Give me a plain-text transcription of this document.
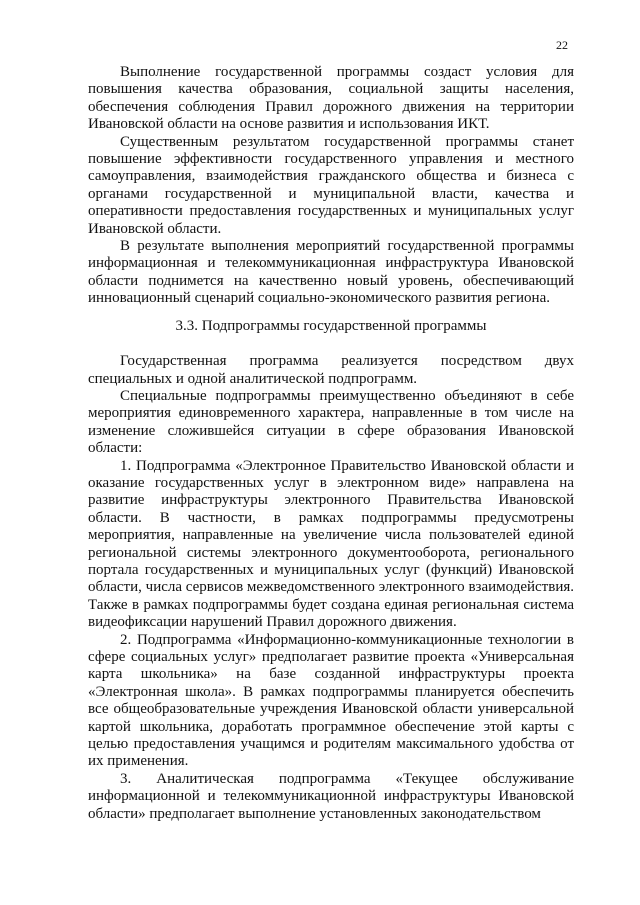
22

Выполнение государственной программы создаст условия для повышения качества образования, социальной защиты населения, обеспечения соблюдения Правил дорожного движения на территории Ивановской области на основе развития и использования ИКТ.

Существенным результатом государственной программы станет повышение эффективности государственного управления и местного самоуправления, взаимодействия гражданского общества и бизнеса с органами государственной и муниципальной власти, качества и оперативности предоставления государственных и муниципальных услуг Ивановской области.

В результате выполнения мероприятий государственной программы информационная и телекоммуникационная инфраструктура Ивановской области поднимется на качественно новый уровень, обеспечивающий инновационный сценарий социально-экономического развития региона.

3.3. Подпрограммы государственной программы

Государственная программа реализуется посредством двух специальных и одной аналитической подпрограмм.

Специальные подпрограммы преимущественно объединяют в себе мероприятия единовременного характера, направленные в том числе на изменение сложившейся ситуации в сфере образования Ивановской области:

1. Подпрограмма «Электронное Правительство Ивановской области и оказание государственных услуг в электронном виде» направлена на развитие инфраструктуры электронного Правительства Ивановской области. В частности, в рамках подпрограммы предусмотрены мероприятия, направленные на увеличение числа пользователей единой региональной системы электронного документооборота, регионального портала государственных и муниципальных услуг (функций) Ивановской области, числа сервисов межведомственного электронного взаимодействия. Также в рамках подпрограммы будет создана единая региональная система видеофиксации нарушений Правил дорожного движения.

2. Подпрограмма «Информационно-коммуникационные технологии в сфере социальных услуг» предполагает развитие проекта «Универсальная карта школьника» на базе созданной инфраструктуры проекта «Электронная школа». В рамках подпрограммы планируется обеспечить все общеобразовательные учреждения Ивановской области универсальной картой школьника, доработать программное обеспечение этой карты с целью предоставления учащимся и родителям максимального удобства от их применения.

3. Аналитическая подпрограмма «Текущее обслуживание информационной и телекоммуникационной инфраструктуры Ивановской области» предполагает выполнение установленных законодательством
